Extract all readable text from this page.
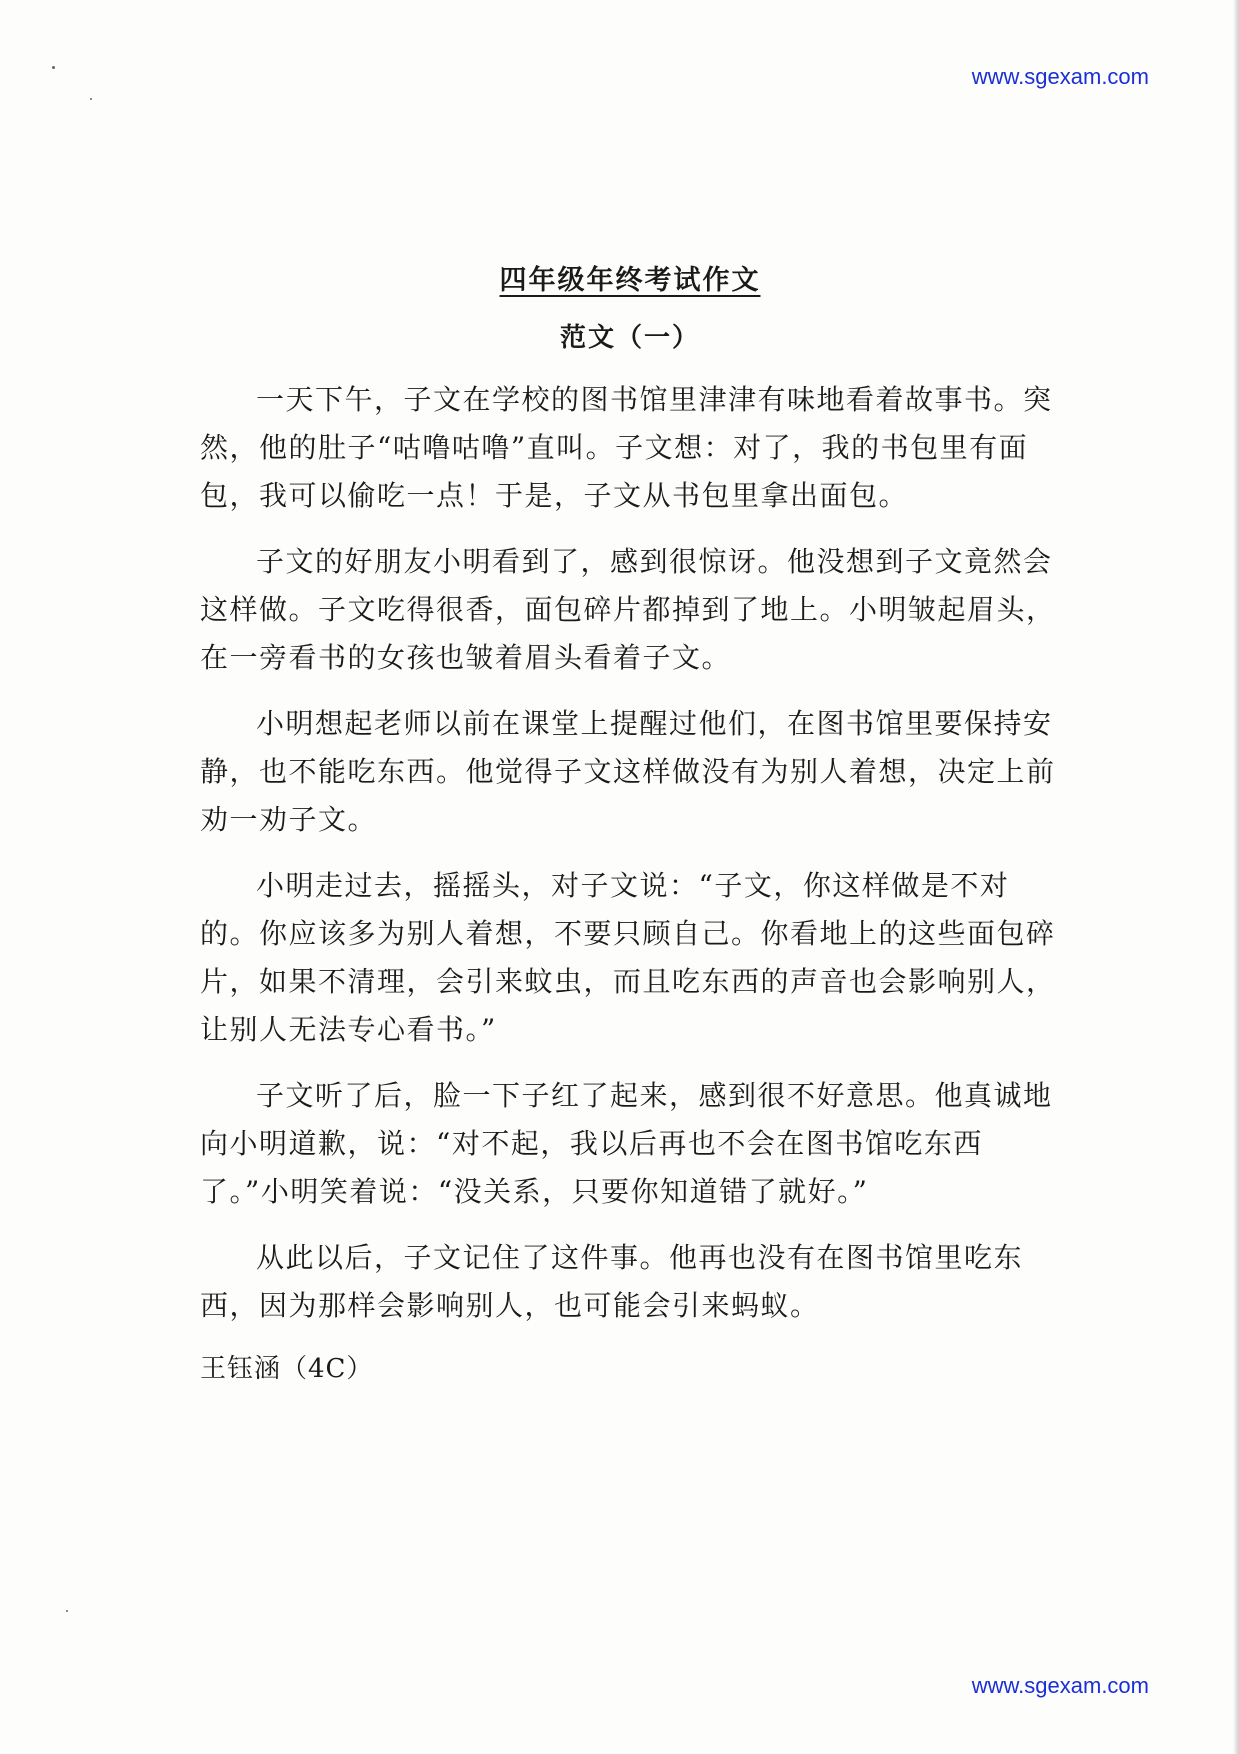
www.sgexam.com
四年级年终考试作文
范文（一）

一天下午，子文在学校的图书馆里津津有味地看着故事书。突然，他的肚子“咕噜咕噜”直叫。子文想：对了，我的书包里有面包，我可以偷吃一点！于是，子文从书包里拿出面包。

子文的好朋友小明看到了，感到很惊讶。他没想到子文竟然会这样做。子文吃得很香，面包碎片都掉到了地上。小明皱起眉头，在一旁看书的女孩也皱着眉头看着子文。

小明想起老师以前在课堂上提醒过他们，在图书馆里要保持安静，也不能吃东西。他觉得子文这样做没有为别人着想，决定上前劝一劝子文。

小明走过去，摇摇头，对子文说：“子文，你这样做是不对的。你应该多为别人着想，不要只顾自己。你看地上的这些面包碎片，如果不清理，会引来蚊虫，而且吃东西的声音也会影响别人，让别人无法专心看书。”

子文听了后，脸一下子红了起来，感到很不好意思。他真诚地向小明道歉，说：“对不起，我以后再也不会在图书馆吃东西了。”小明笑着说：“没关系，只要你知道错了就好。”

从此以后，子文记住了这件事。他再也没有在图书馆里吃东西，因为那样会影响别人，也可能会引来蚂蚁。

王钰涵（4C）

www.sgexam.com
